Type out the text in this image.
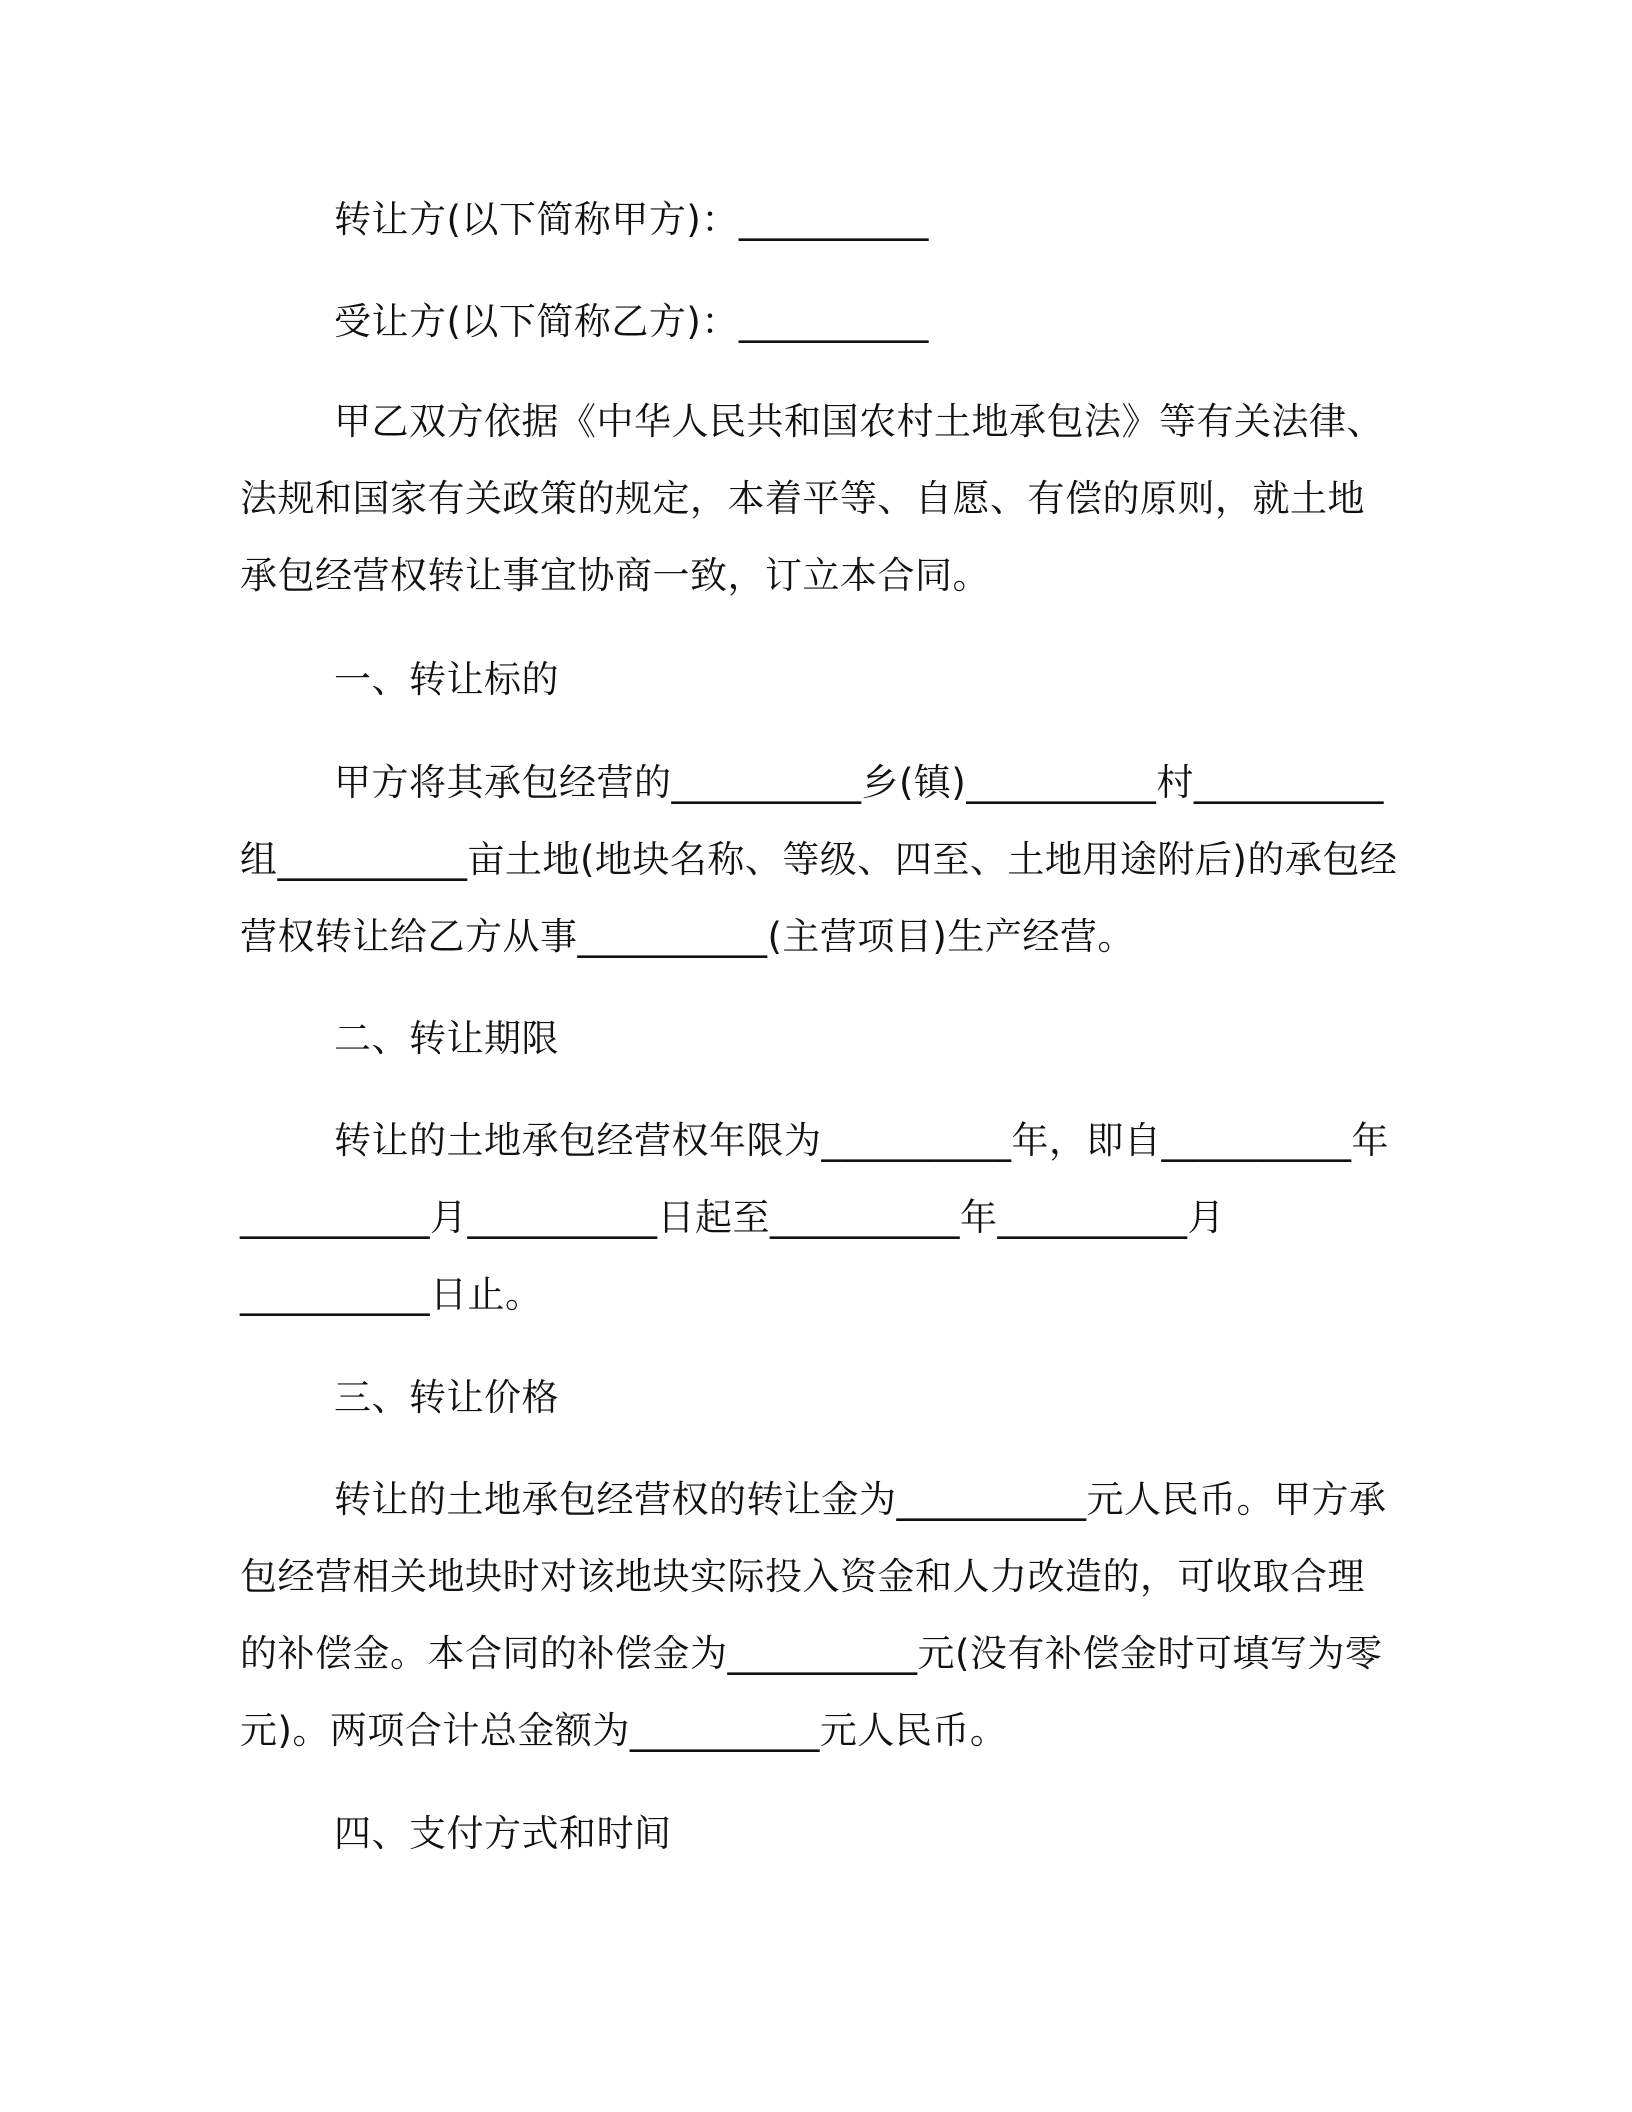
转让方(以下简称甲方)：__________
受让方(以下简称乙方)：__________
甲乙双方依据《中华人民共和国农村土地承包法》等有关法律、
法规和国家有关政策的规定，本着平等、自愿、有偿的原则，就土地
承包经营权转让事宜协商一致，订立本合同。
一、转让标的
甲方将其承包经营的__________乡(镇)__________村__________
组__________亩土地(地块名称、等级、四至、土地用途附后)的承包经
营权转让给乙方从事__________(主营项目)生产经营。
二、转让期限
转让的土地承包经营权年限为__________年，即自__________年
__________月__________日起至__________年__________月
__________日止。
三、转让价格
转让的土地承包经营权的转让金为__________元人民币。甲方承
包经营相关地块时对该地块实际投入资金和人力改造的，可收取合理
的补偿金。本合同的补偿金为__________元(没有补偿金时可填写为零
元)。两项合计总金额为__________元人民币。
四、支付方式和时间
